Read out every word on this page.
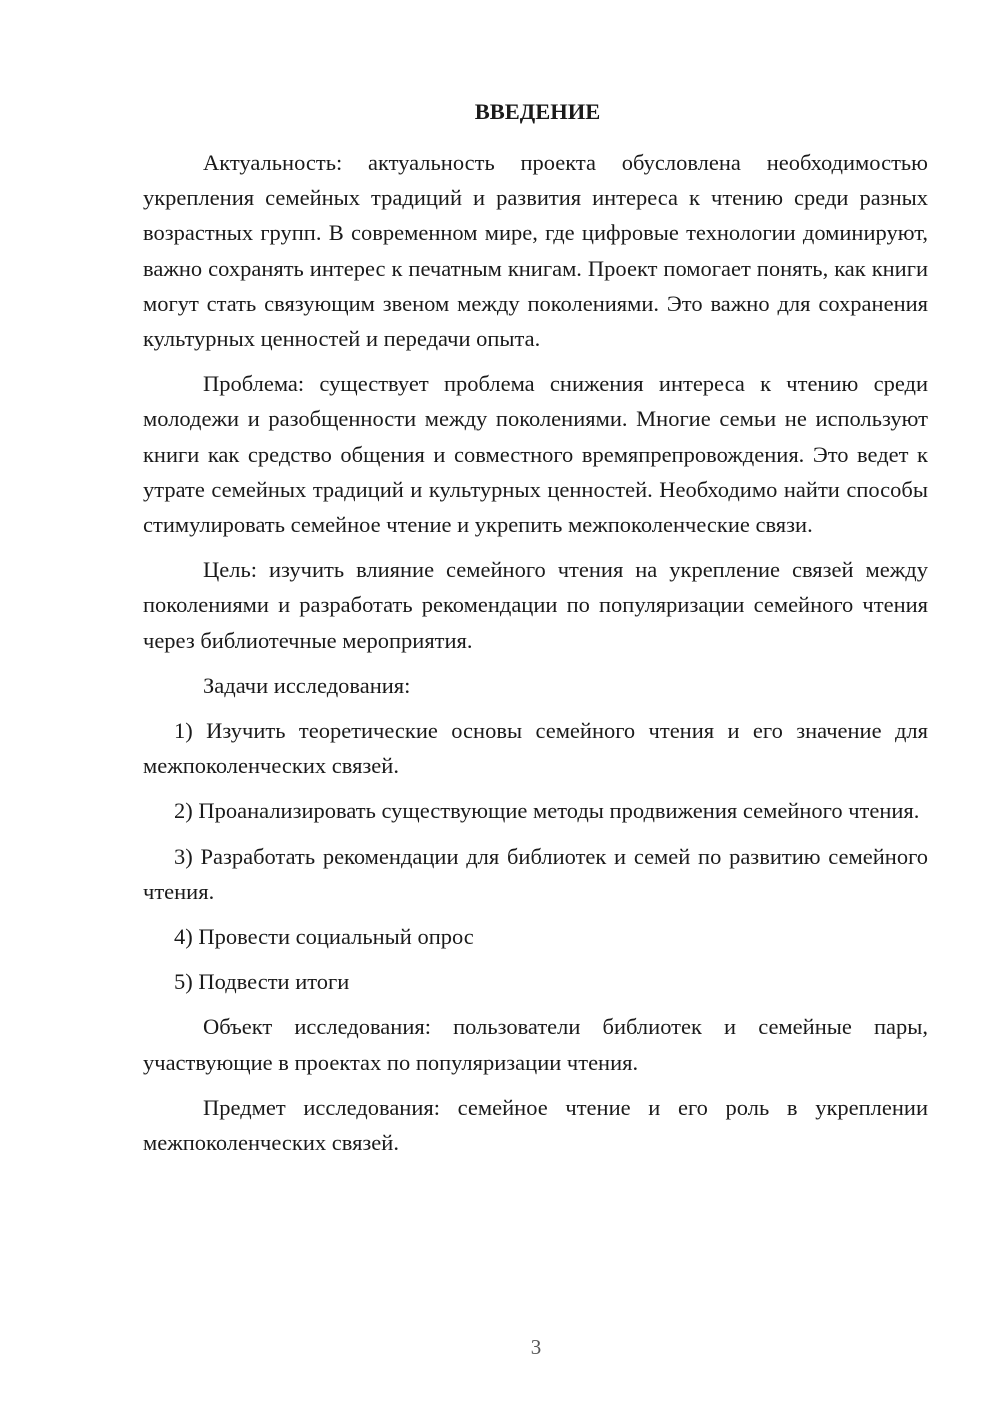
ВВЕДЕНИЕ

Актуальность: актуальность проекта обусловлена необходимостью укрепления семейных традиций и развития интереса к чтению среди разных возрастных групп. В современном мире, где цифровые технологии доминируют, важно сохранять интерес к печатным книгам. Проект помогает понять, как книги могут стать связующим звеном между поколениями. Это важно для сохранения культурных ценностей и передачи опыта.

Проблема: существует проблема снижения интереса к чтению среди молодежи и разобщенности между поколениями. Многие семьи не используют книги как средство общения и совместного времяпрепровождения. Это ведет к утрате семейных традиций и культурных ценностей. Необходимо найти способы стимулировать семейное чтение и укрепить межпоколенческие связи.

Цель: изучить влияние семейного чтения на укрепление связей между поколениями и разработать рекомендации по популяризации семейного чтения через библиотечные мероприятия.

Задачи исследования:

1) Изучить теоретические основы семейного чтения и его значение для межпоколенческих связей.

2) Проанализировать существующие методы продвижения семейного чтения.

3) Разработать рекомендации для библиотек и семей по развитию семейного чтения.

4) Провести социальный опрос

5) Подвести итоги

Объект исследования: пользователи библиотек и семейные пары, участвующие в проектах по популяризации чтения.

Предмет исследования: семейное чтение и его роль в укреплении межпоколенческих связей.

3
